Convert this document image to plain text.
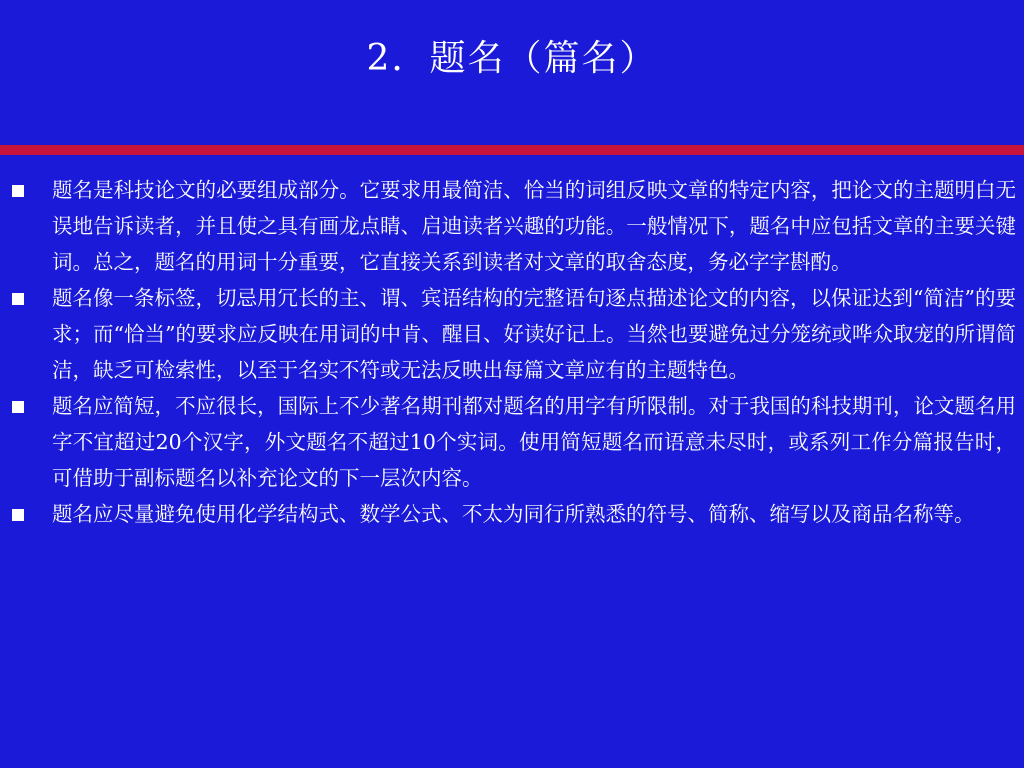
2．题名（篇名）
题名是科技论文的必要组成部分。它要求用最简洁、恰当的词组反映文章的特定内容，把论文的主题明白无误地告诉读者，并且使之具有画龙点睛、启迪读者兴趣的功能。一般情况下，题名中应包括文章的主要关键词。总之，题名的用词十分重要，它直接关系到读者对文章的取舍态度，务必字字斟酌。
题名像一条标签，切忌用冗长的主、谓、宾语结构的完整语句逐点描述论文的内容，以保证达到“简洁”的要求；而“恰当”的要求应反映在用词的中肯、醒目、好读好记上。当然也要避免过分笼统或哗众取宠的所谓简洁，缺乏可检索性，以至于名实不符或无法反映出每篇文章应有的主题特色。
题名应简短，不应很长，国际上不少著名期刊都对题名的用字有所限制。对于我国的科技期刊，论文题名用字不宜超过20个汉字，外文题名不超过10个实词。使用简短题名而语意未尽时，或系列工作分篇报告时，可借助于副标题名以补充论文的下一层次内容。
题名应尽量避免使用化学结构式、数学公式、不太为同行所熟悉的符号、简称、缩写以及商品名称等。
